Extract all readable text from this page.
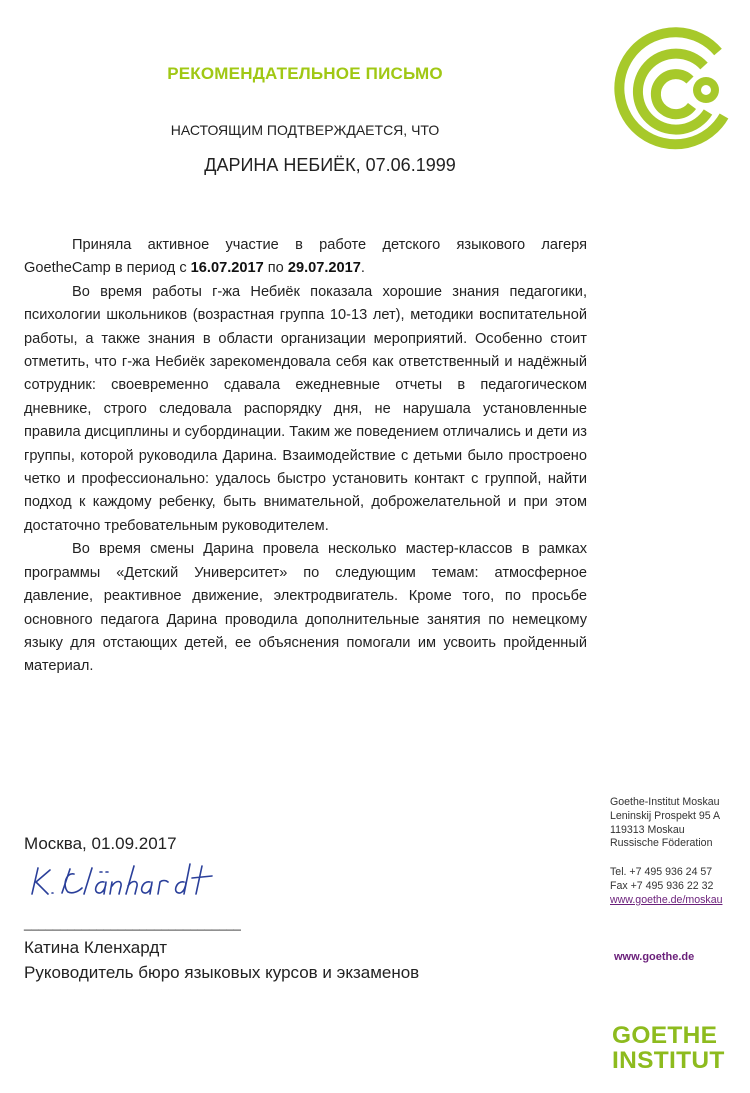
РЕКОМЕНДАТЕЛЬНОЕ ПИСЬМО
НАСТОЯЩИМ ПОДТВЕРЖДАЕТСЯ, ЧТО
ДАРИНА НЕБИЁК, 07.06.1999

Приняла активное участие в работе детского языкового лагеря GoetheCamp в период с 16.07.2017 по 29.07.2017.

Во время работы г-жа Небиёк показала хорошие знания педагогики, психологии школьников (возрастная группа 10-13 лет), методики воспитательной работы, а также знания в области организации мероприятий. Особенно стоит отметить, что г-жа Небиёк зарекомендовала себя как ответственный и надёжный сотрудник: своевременно сдавала ежедневные отчеты в педагогическом дневнике, строго следовала распорядку дня, не нарушала установленные правила дисциплины и субординации. Таким же поведением отличались и дети из группы, которой руководила Дарина. Взаимодействие с детьми было простроено четко и профессионально: удалось быстро установить контакт с группой, найти подход к каждому ребенку, быть внимательной, доброжелательной и при этом достаточно требовательным руководителем.

Во время смены Дарина провела несколько мастер-классов в рамках программы «Детский Университет» по следующим темам: атмосферное давление, реактивное движение, электродвигатель. Кроме того, по просьбе основного педагога Дарина проводила дополнительные занятия по немецкому языку для отстающих детей, ее объяснения помогали им усвоить пройденный материал.

Goethe-Institut Moskau
Leninskij Prospekt 95 A
119313 Moskau
Russische Föderation
Tel. +7 495 936 24 57
Fax +7 495 936 22 32
www.goethe.de/moskau
Москва, 01.09.2017
______________________________
Катина Кленхардт
Руководитель бюро языковых курсов и экзаменов
www.goethe.de
GOETHE
INSTITUT
